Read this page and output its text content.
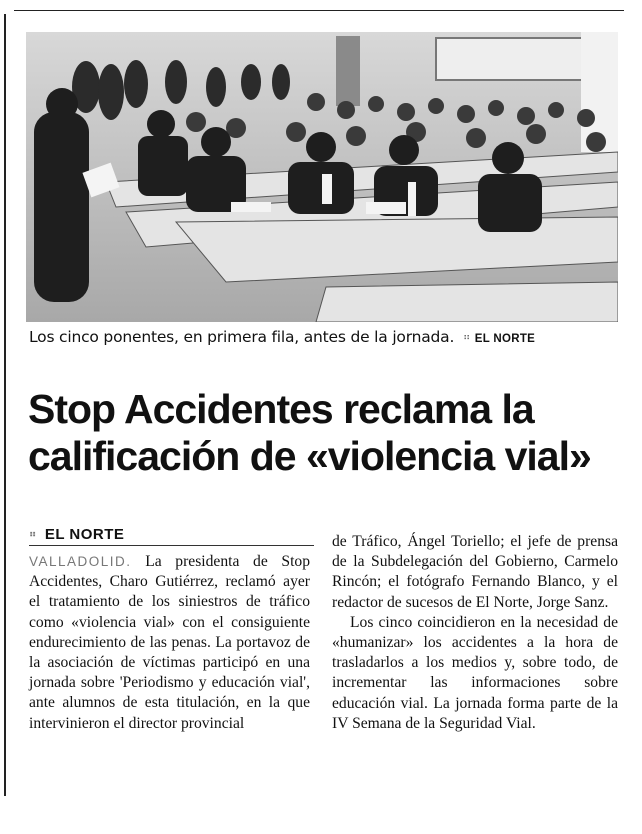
Los cinco ponentes, en primera fila, antes de la jornada. ⠶ EL NORTE
Stop Accidentes reclama la
calificación de «violencia vial»
⠶ EL NORTE
VALLADOLID. La presidenta de Stop Accidentes, Charo Gutiérrez, reclamó ayer el tratamiento de los siniestros de tráfico como «violencia vial» con el consiguiente endurecimiento de las penas. La portavoz de la asociación de víctimas participó en una jornada sobre 'Periodismo y educación vial', ante alumnos de esta titulación, en la que intervinieron el director provincial
de Tráfico, Ángel Toriello; el jefe de prensa de la Subdelegación del Gobierno, Carmelo Rincón; el fotógrafo Fernando Blanco, y el redactor de sucesos de El Norte, Jorge Sanz.
Los cinco coincidieron en la necesidad de «humanizar» los accidentes a la hora de trasladarlos a los medios y, sobre todo, de incrementar las informaciones sobre educación vial. La jornada forma parte de la IV Semana de la Seguridad Vial.
